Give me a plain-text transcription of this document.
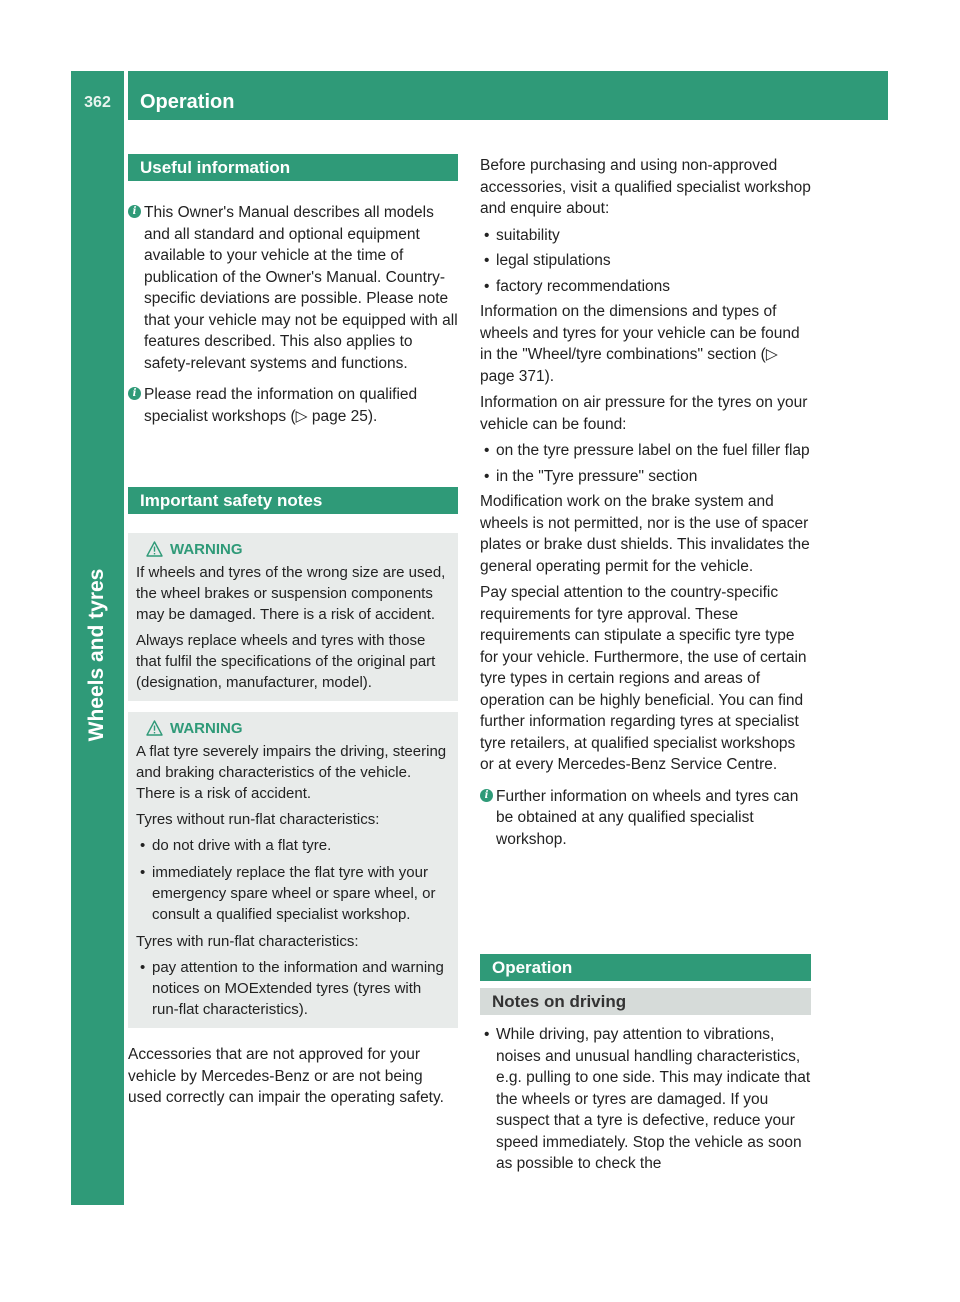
362	Operation
Wheels and tyres
Useful information
i This Owner's Manual describes all models and all standard and optional equipment available to your vehicle at the time of publication of the Owner's Manual. Country-specific deviations are possible. Please note that your vehicle may not be equipped with all features described. This also applies to safety-relevant systems and functions.
i Please read the information on qualified specialist workshops (▷ page 25).
Important safety notes
WARNING

If wheels and tyres of the wrong size are used, the wheel brakes or suspension components may be damaged. There is a risk of accident.

Always replace wheels and tyres with those that fulfil the specifications of the original part (designation, manufacturer, model).

WARNING

A flat tyre severely impairs the driving, steering and braking characteristics of the vehicle. There is a risk of accident.

Tyres without run-flat characteristics:

• do not drive with a flat tyre.
• immediately replace the flat tyre with your emergency spare wheel or spare wheel, or consult a qualified specialist workshop.

Tyres with run-flat characteristics:

• pay attention to the information and warning notices on MOExtended tyres (tyres with run-flat characteristics).

Accessories that are not approved for your vehicle by Mercedes-Benz or are not being used correctly can impair the operating safety.

Before purchasing and using non-approved accessories, visit a qualified specialist workshop and enquire about:

• suitability
• legal stipulations
• factory recommendations

Information on the dimensions and types of wheels and tyres for your vehicle can be found in the "Wheel/tyre combinations" section (▷ page 371).

Information on air pressure for the tyres on your vehicle can be found:

• on the tyre pressure label on the fuel filler flap
• in the "Tyre pressure" section

Modification work on the brake system and wheels is not permitted, nor is the use of spacer plates or brake dust shields. This invalidates the general operating permit for the vehicle.

Pay special attention to the country-specific requirements for tyre approval. These requirements can stipulate a specific tyre type for your vehicle. Furthermore, the use of certain tyre types in certain regions and areas of operation can be highly beneficial. You can find further information regarding tyres at specialist tyre retailers, at qualified specialist workshops or at every Mercedes-Benz Service Centre.

i Further information on wheels and tyres can be obtained at any qualified specialist workshop.
Operation
Notes on driving
• While driving, pay attention to vibrations, noises and unusual handling characteristics, e.g. pulling to one side. This may indicate that the wheels or tyres are damaged. If you suspect that a tyre is defective, reduce your speed immediately. Stop the vehicle as soon as possible to check the
